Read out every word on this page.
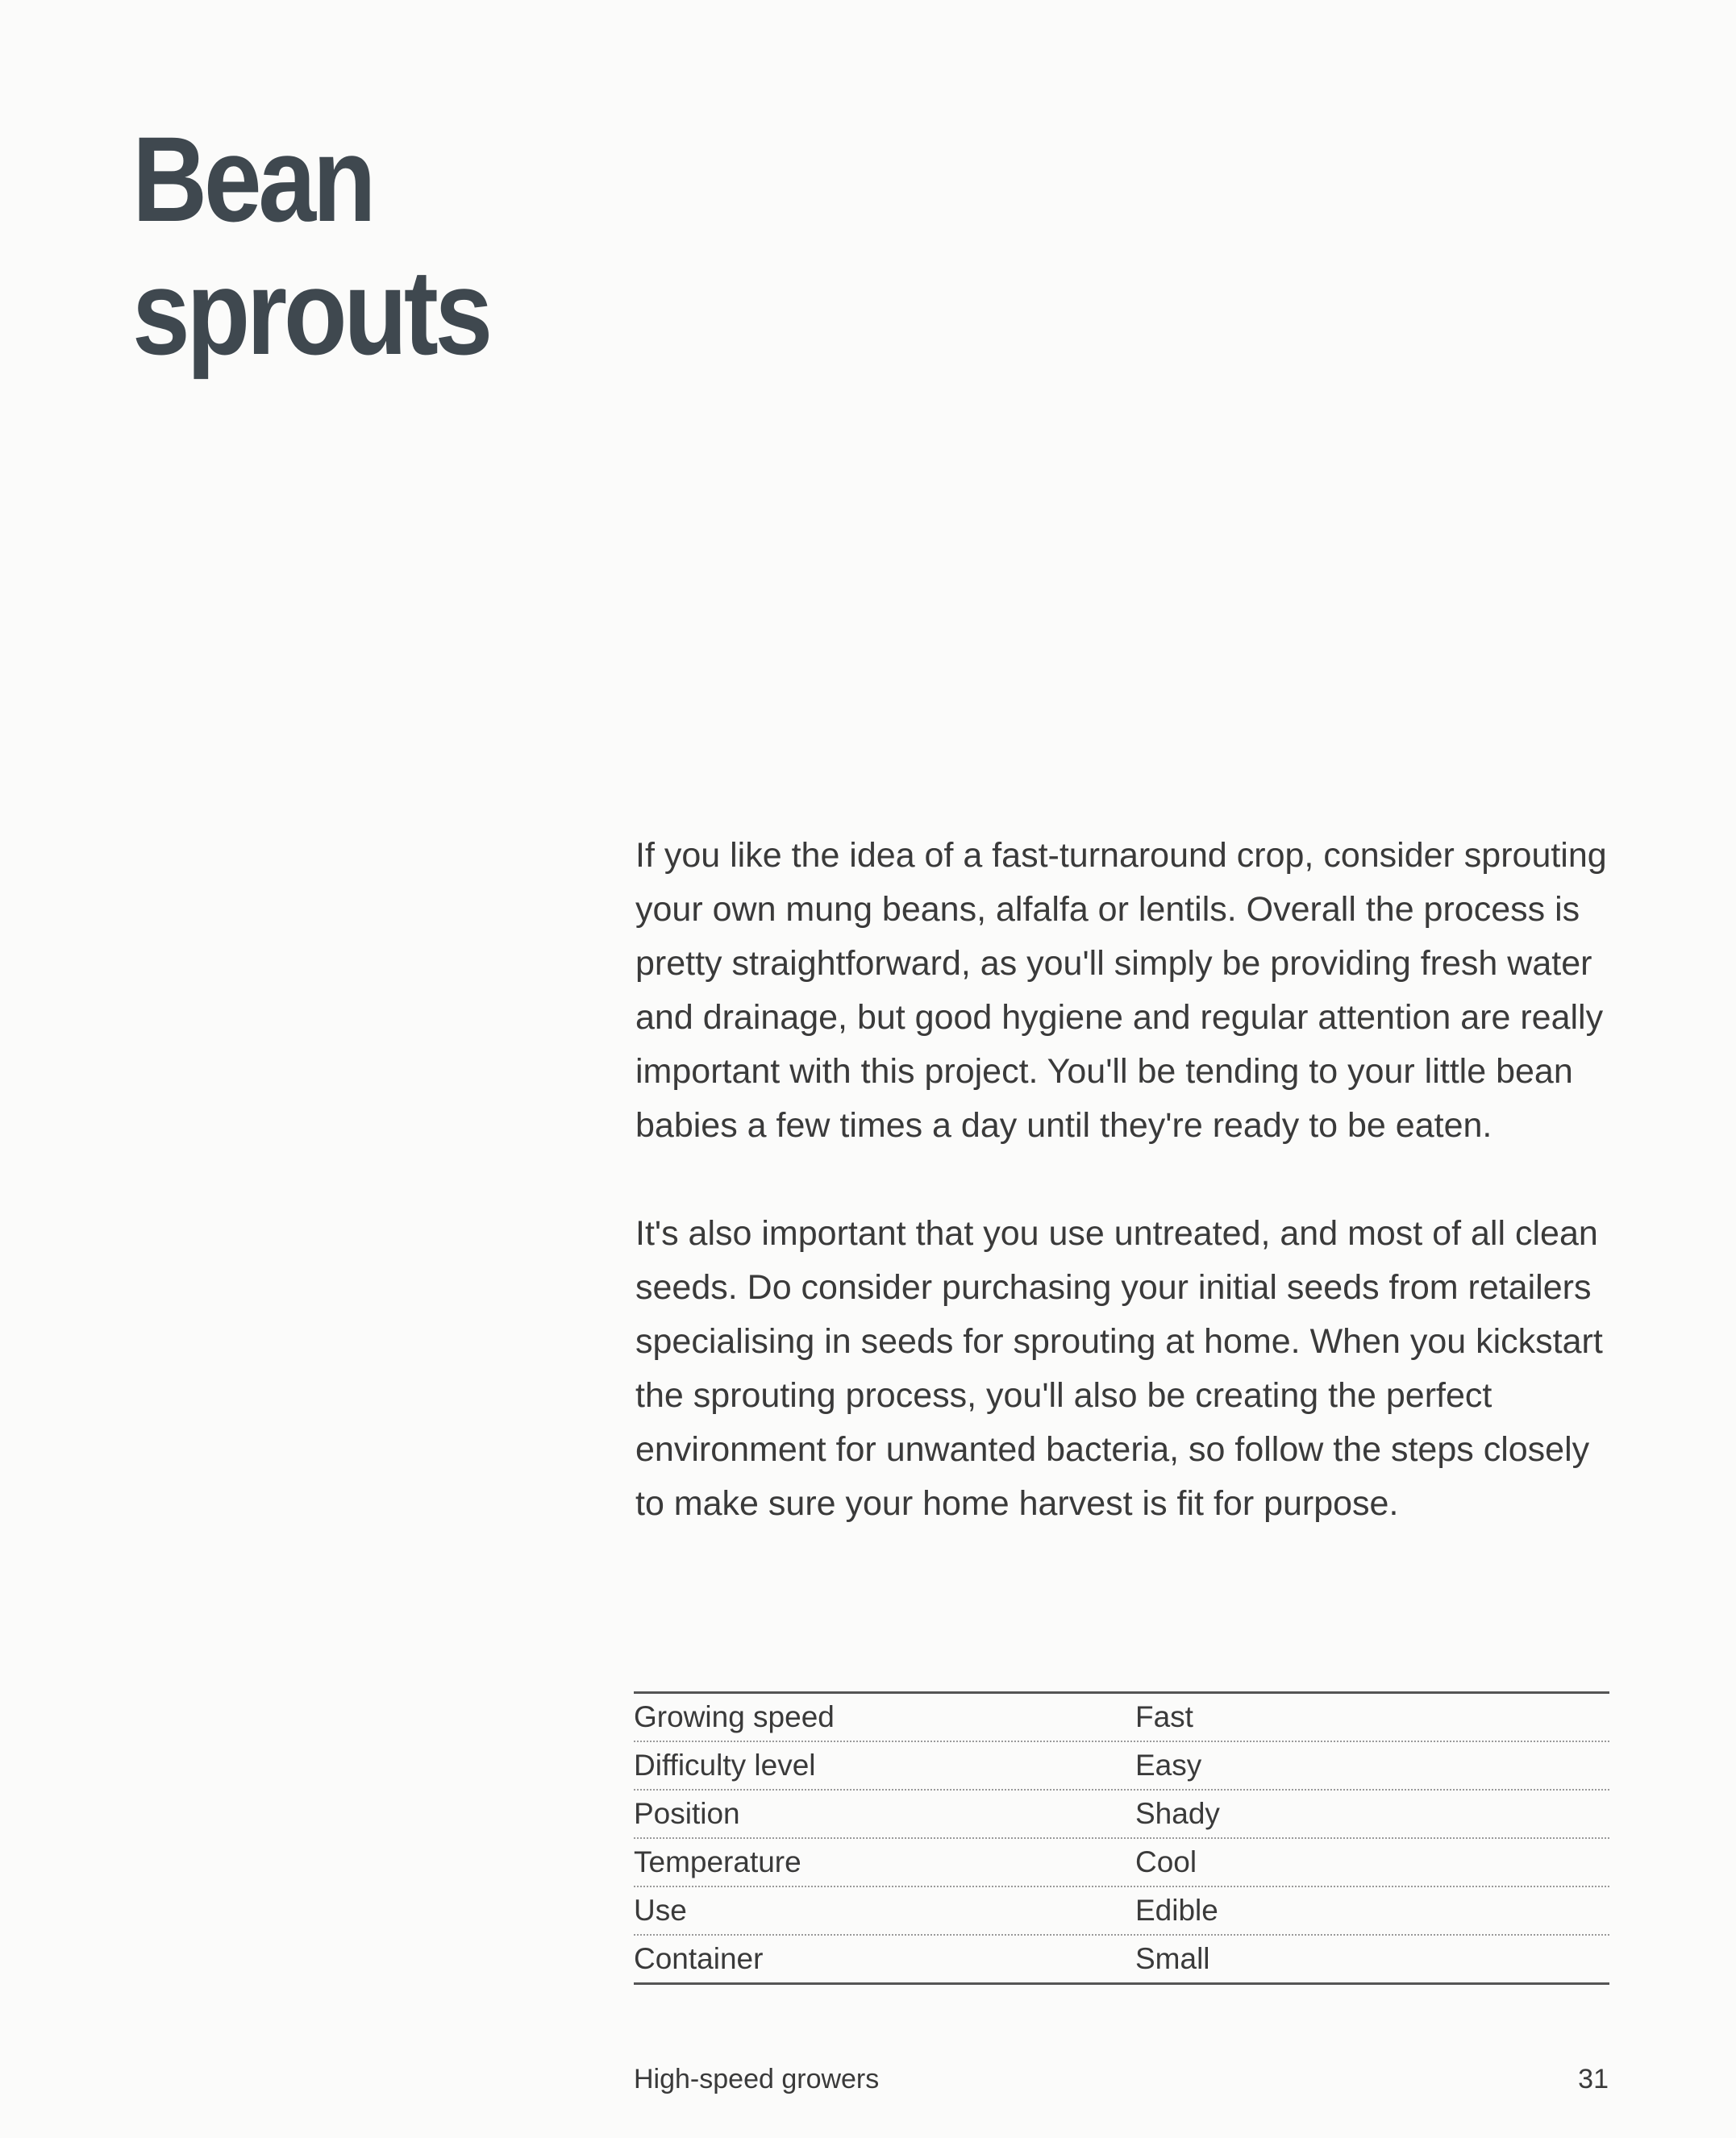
Bean
sprouts

If you like the idea of a fast-turnaround crop, consider sprouting your own mung beans, alfalfa or lentils. Overall the process is pretty straightforward, as you'll simply be providing fresh water and drainage, but good hygiene and regular attention are really important with this project. You'll be tending to your little bean babies a few times a day until they're ready to be eaten.

It's also important that you use untreated, and most of all clean seeds. Do consider purchasing your initial seeds from retailers specialising in seeds for sprouting at home. When you kickstart the sprouting process, you'll also be creating the perfect environment for unwanted bacteria, so follow the steps closely to make sure your home harvest is fit for purpose.

Growing speed	Fast
Difficulty level	Easy
Position	Shady
Temperature	Cool
Use	Edible
Container	Small
High-speed growers	31
